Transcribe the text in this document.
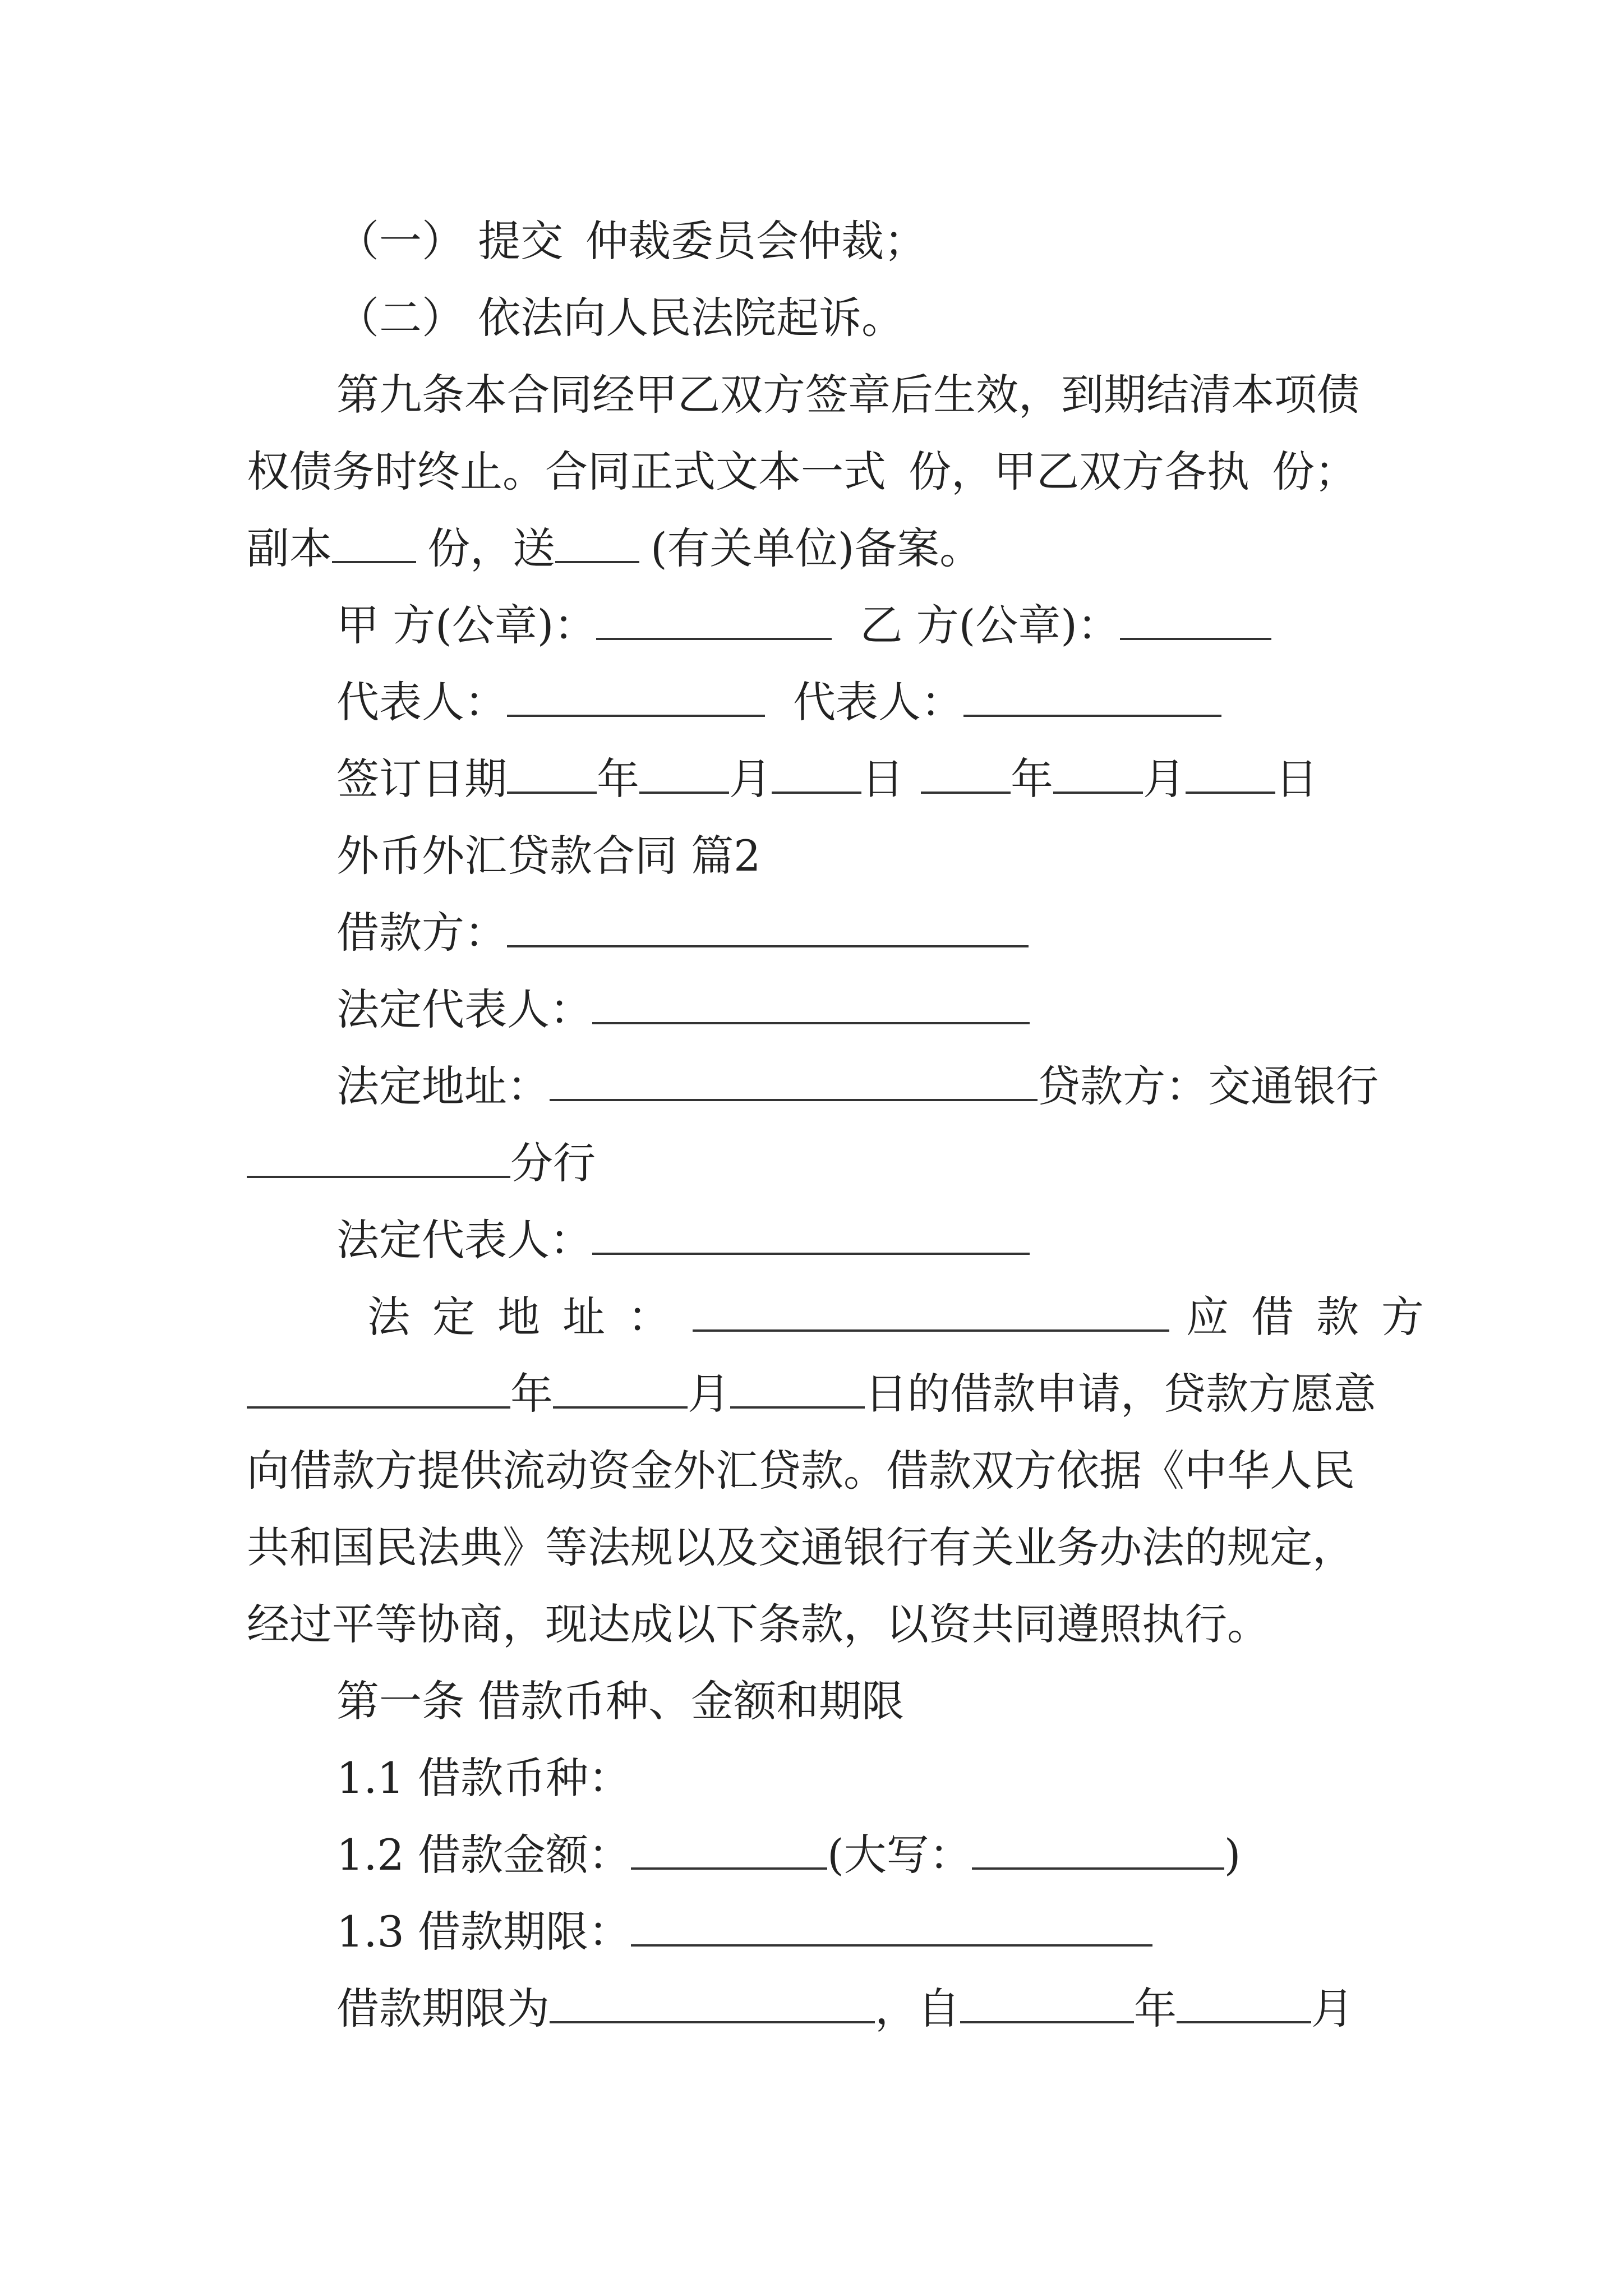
（一） 提交 仲裁委员会仲裁；
（二） 依法向人民法院起诉。
第九条本合同经甲乙双方签章后生效，到期结清本项债
权债务时终止。合同正式文本一式 份，甲乙双方各执 份；
副本 份，送 (有关单位)备案。
甲 方(公章)：	乙 方(公章)：
代表人：	代表人：
签订日期 年 月 日	年 月 日
外币外汇贷款合同 篇2
借款方：
法定代表人：
法定地址：	贷款方：交通银行
分行
法定代表人：
法定地址：	应借款方
年	月	日的借款申请，贷款方愿意
向借款方提供流动资金外汇贷款。借款双方依据《中华人民
共和国民法典》等法规以及交通银行有关业务办法的规定，
经过平等协商，现达成以下条款，以资共同遵照执行。
第一条 借款币种、金额和期限
1.1 借款币种：
1.2 借款金额：	(大写：	)
1.3 借款期限：
借款期限为	，自	年	月
